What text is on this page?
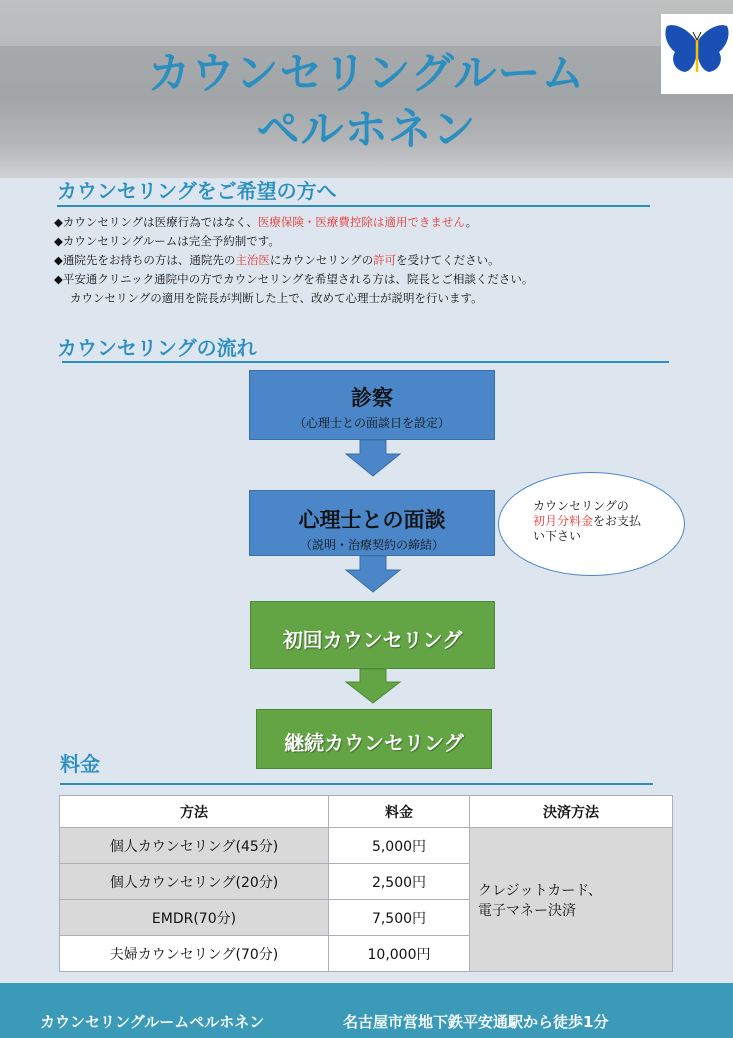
カウンセリングルーム
ペルホネン
カウンセリングをご希望の方へ
◆カウンセリングは医療行為ではなく、医療保険・医療費控除は適用できません。
◆カウンセリングルームは完全予約制です。
◆通院先をお持ちの方は、通院先の主治医にカウンセリングの許可を受けてください。
◆平安通クリニック通院中の方でカウンセリングを希望される方は、院長とご相談ください。
カウンセリングの適用を院長が判断した上で、改めて心理士が説明を行います。
カウンセリングの流れ
診察
（心理士との面談日を設定）
心理士との面談
（説明・治療契約の締結）
カウンセリングの
初月分料金をお支払
い下さい
初回カウンセリング
継続カウンセリング
料金
方法	料金	決済方法
個人カウンセリング(45分)	5,000円	クレジットカード、
電子マネー決済

個人カウンセリング(20分)	2,500円	
EMDR(70分)	7,500円	
夫婦カウンセリング(70分)	10,000円	
カウンセリングルームペルホネン	名古屋市営地下鉄平安通駅から徒歩1分
